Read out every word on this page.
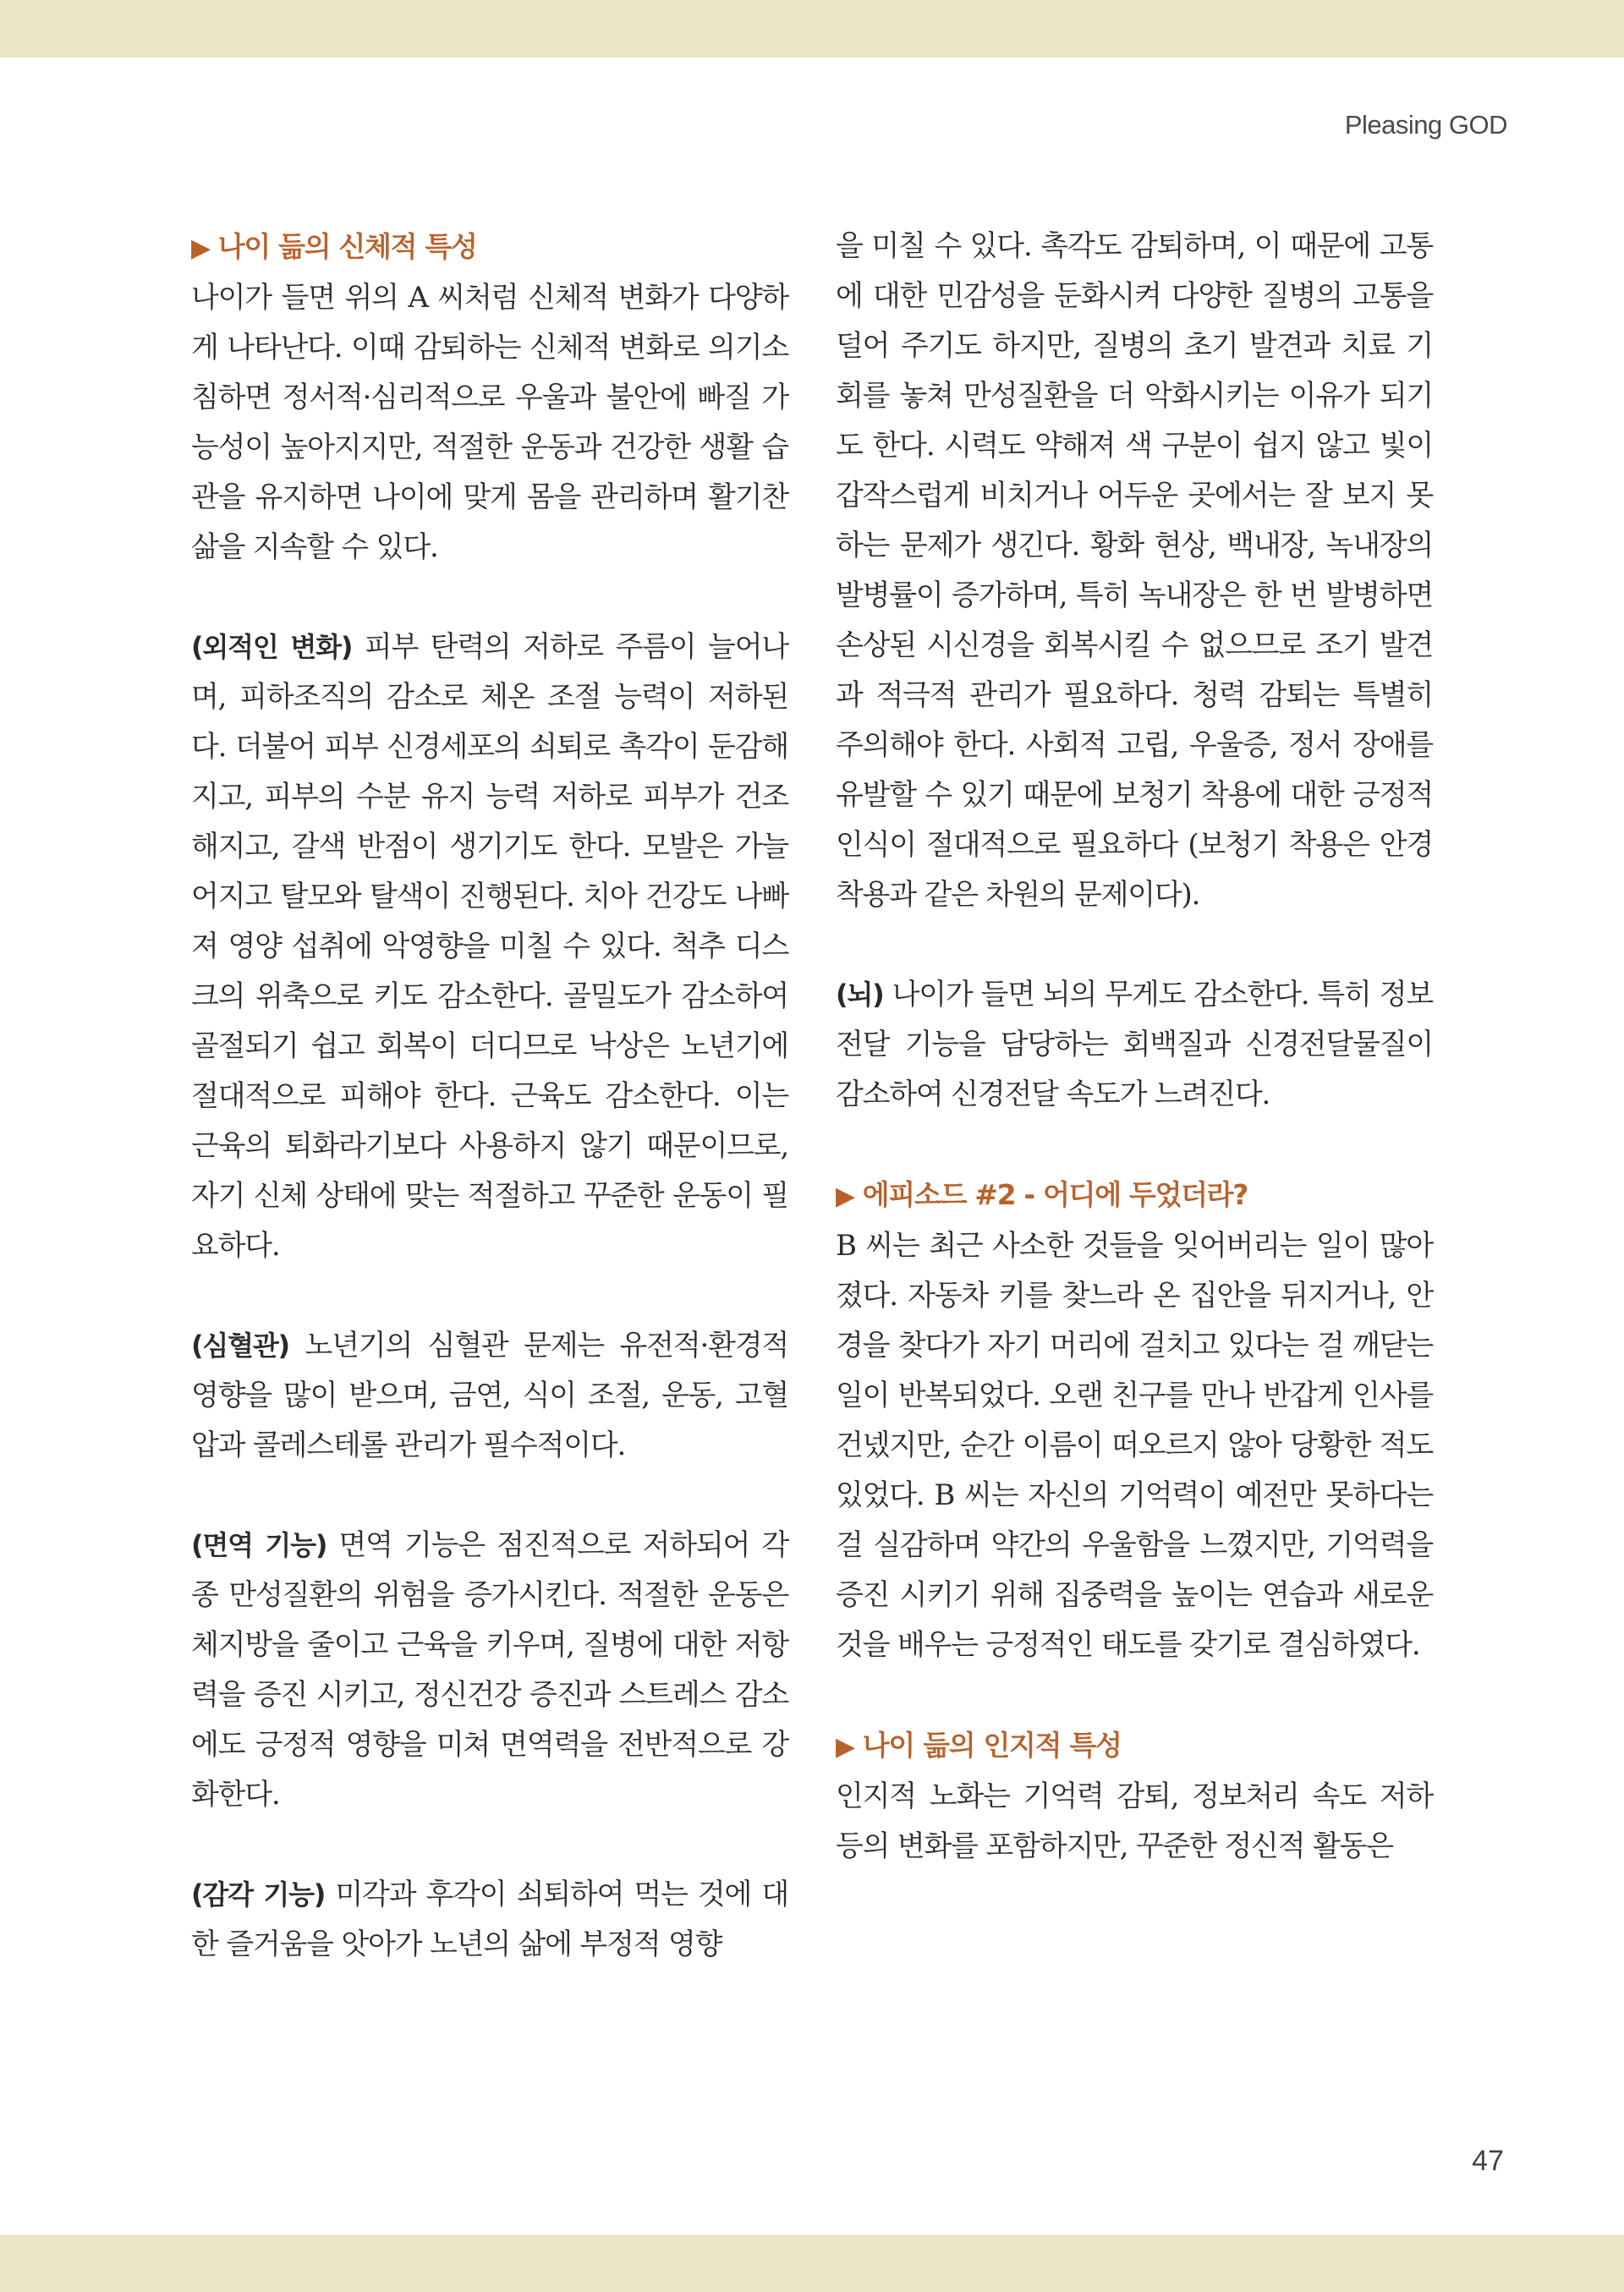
Pleasing GOD
▶ 나이 듦의 신체적 특성

나이가 들면 위의 A 씨처럼 신체적 변화가 다양하게 나타난다. 이때 감퇴하는 신체적 변화로 의기소침하면 정서적·심리적으로 우울과 불안에 빠질 가능성이 높아지지만, 적절한 운동과 건강한 생활 습관을 유지하면 나이에 맞게 몸을 관리하며 활기찬 삶을 지속할 수 있다.

(외적인 변화) 피부 탄력의 저하로 주름이 늘어나며, 피하조직의 감소로 체온 조절 능력이 저하된다. 더불어 피부 신경세포의 쇠퇴로 촉각이 둔감해지고, 피부의 수분 유지 능력 저하로 피부가 건조해지고, 갈색 반점이 생기기도 한다. 모발은 가늘어지고 탈모와 탈색이 진행된다. 치아 건강도 나빠져 영양 섭취에 악영향을 미칠 수 있다. 척추 디스크의 위축으로 키도 감소한다. 골밀도가 감소하여 골절되기 쉽고 회복이 더디므로 낙상은 노년기에 절대적으로 피해야 한다. 근육도 감소한다. 이는 근육의 퇴화라기보다 사용하지 않기 때문이므로, 자기 신체 상태에 맞는 적절하고 꾸준한 운동이 필요하다.

(심혈관) 노년기의 심혈관 문제는 유전적·환경적 영향을 많이 받으며, 금연, 식이 조절, 운동, 고혈압과 콜레스테롤 관리가 필수적이다.

(면역 기능) 면역 기능은 점진적으로 저하되어 각종 만성질환의 위험을 증가시킨다. 적절한 운동은 체지방을 줄이고 근육을 키우며, 질병에 대한 저항력을 증진 시키고, 정신건강 증진과 스트레스 감소에도 긍정적 영향을 미쳐 면역력을 전반적으로 강화한다.

(감각 기능) 미각과 후각이 쇠퇴하여 먹는 것에 대한 즐거움을 앗아가 노년의 삶에 부정적 영향

을 미칠 수 있다. 촉각도 감퇴하며, 이 때문에 고통에 대한 민감성을 둔화시켜 다양한 질병의 고통을 덜어 주기도 하지만, 질병의 초기 발견과 치료 기회를 놓쳐 만성질환을 더 악화시키는 이유가 되기도 한다. 시력도 약해져 색 구분이 쉽지 않고 빛이 갑작스럽게 비치거나 어두운 곳에서는 잘 보지 못하는 문제가 생긴다. 황화 현상, 백내장, 녹내장의 발병률이 증가하며, 특히 녹내장은 한 번 발병하면 손상된 시신경을 회복시킬 수 없으므로 조기 발견과 적극적 관리가 필요하다. 청력 감퇴는 특별히 주의해야 한다. 사회적 고립, 우울증, 정서 장애를 유발할 수 있기 때문에 보청기 착용에 대한 긍정적 인식이 절대적으로 필요하다 (보청기 착용은 안경 착용과 같은 차원의 문제이다).

(뇌) 나이가 들면 뇌의 무게도 감소한다. 특히 정보전달 기능을 담당하는 회백질과 신경전달물질이 감소하여 신경전달 속도가 느려진다.

▶ 에피소드 #2 - 어디에 두었더라?

B 씨는 최근 사소한 것들을 잊어버리는 일이 많아졌다. 자동차 키를 찾느라 온 집안을 뒤지거나, 안경을 찾다가 자기 머리에 걸치고 있다는 걸 깨닫는 일이 반복되었다. 오랜 친구를 만나 반갑게 인사를 건넸지만, 순간 이름이 떠오르지 않아 당황한 적도 있었다. B 씨는 자신의 기억력이 예전만 못하다는 걸 실감하며 약간의 우울함을 느꼈지만, 기억력을 증진 시키기 위해 집중력을 높이는 연습과 새로운 것을 배우는 긍정적인 태도를 갖기로 결심하였다.

▶ 나이 듦의 인지적 특성

인지적 노화는 기억력 감퇴, 정보처리 속도 저하 등의 변화를 포함하지만, 꾸준한 정신적 활동은

47
